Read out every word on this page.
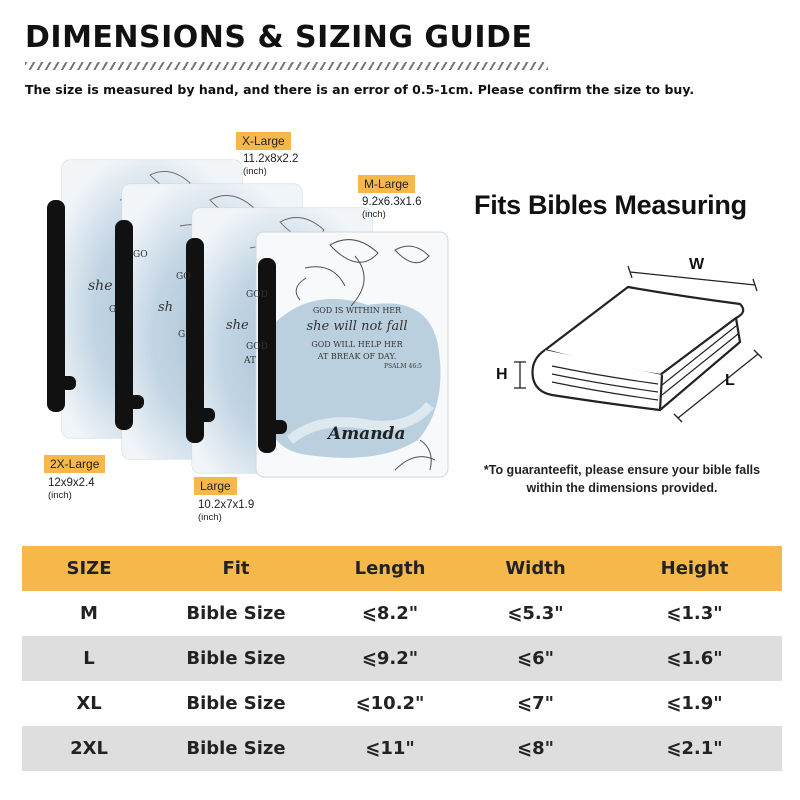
DIMENSIONS & SIZING GUIDE
The size is measured by hand, and there is an error of 0.5-1cm. Please confirm the size to buy.
GO
she
G
GO
sh
G
GOD
she
GOD
AT
GOD IS WITHIN HER
she will not fall
GOD WILL HELP HER
AT BREAK OF DAY.
PSALM 46:5
Amanda
X-Large
11.2x8x2.2
(inch)
M-Large
9.2x6.3x1.6
(inch)
2X-Large
12x9x2.4
(inch)
Large
10.2x7x1.9
(inch)
Fits Bibles Measuring
W
H	L
*To guaranteefit, please ensure your bible falls
within the dimensions provided.
SIZE	Fit	Length	Width	Height
M	Bible Size	⩽8.2"	⩽5.3"	⩽1.3"
L	Bible Size	⩽9.2"	⩽6"	⩽1.6"
XL	Bible Size	⩽10.2"	⩽7"	⩽1.9"
2XL	Bible Size	⩽11"	⩽8"	⩽2.1"
